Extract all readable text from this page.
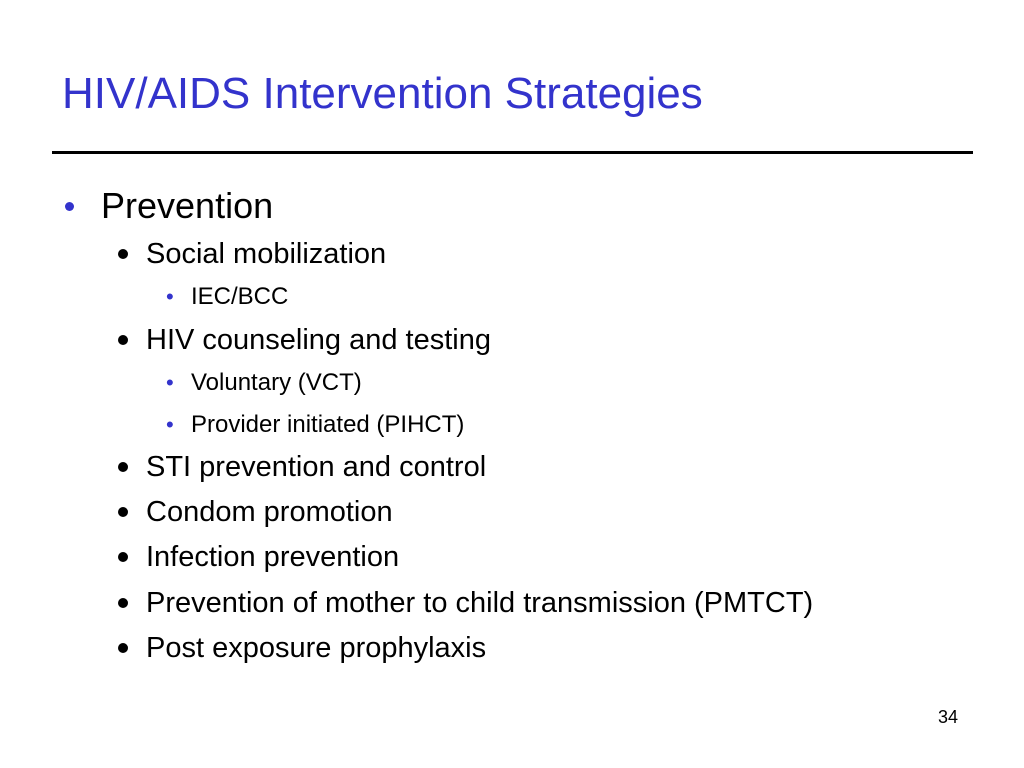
HIV/AIDS Intervention Strategies
Prevention
Social mobilization
• IEC/BCC
HIV counseling and testing
• Voluntary (VCT)
• Provider initiated (PIHCT)
STI prevention and control
Condom promotion
Infection prevention
Prevention of mother to child transmission (PMTCT)
Post exposure prophylaxis
34
